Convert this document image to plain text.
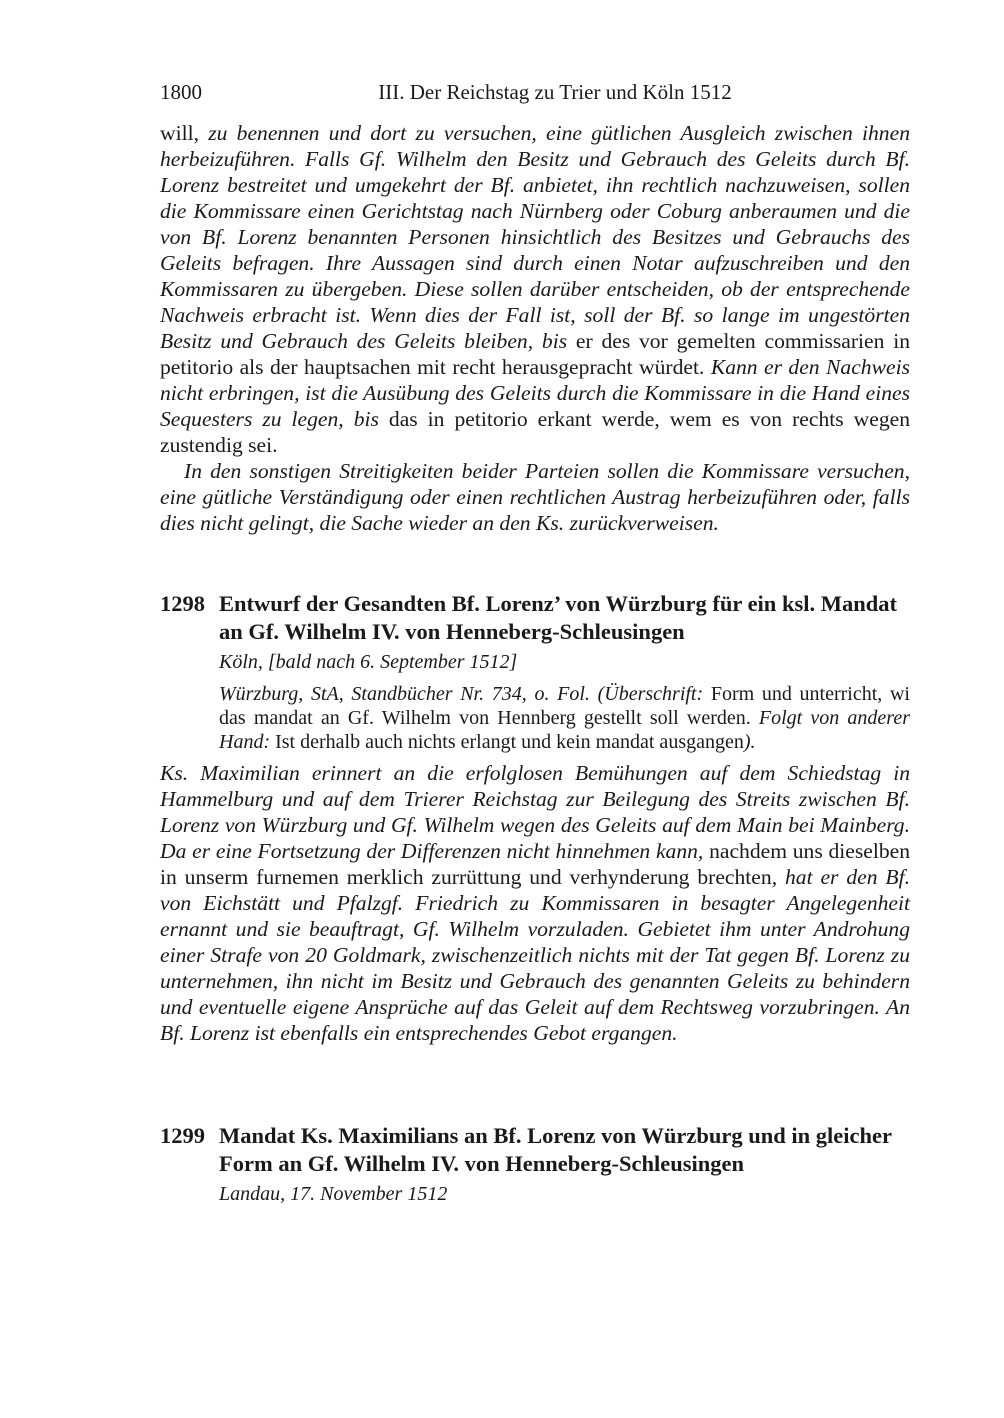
1800	III. Der Reichstag zu Trier und Köln 1512

will, zu benennen und dort zu versuchen, eine gütlichen Ausgleich zwischen ihnen herbeizuführen. Falls Gf. Wilhelm den Besitz und Gebrauch des Geleits durch Bf. Lorenz bestreitet und umgekehrt der Bf. anbietet, ihn rechtlich nachzuweisen, sollen die Kommissare einen Gerichtstag nach Nürnberg oder Coburg anberaumen und die von Bf. Lorenz benannten Personen hinsichtlich des Besitzes und Gebrauchs des Geleits befragen. Ihre Aussagen sind durch einen Notar aufzuschreiben und den Kommissaren zu übergeben. Diese sollen darüber entscheiden, ob der entsprechende Nachweis erbracht ist. Wenn dies der Fall ist, soll der Bf. so lange im ungestörten Besitz und Gebrauch des Geleits bleiben, bis er des vor gemelten commissarien in petitorio als der hauptsachen mit recht herausgepracht würdet. Kann er den Nachweis nicht erbringen, ist die Ausübung des Geleits durch die Kommissare in die Hand eines Sequesters zu legen, bis das in petitorio erkant werde, wem es von rechts wegen zustendig sei.

In den sonstigen Streitigkeiten beider Parteien sollen die Kommissare versuchen, eine gütliche Verständigung oder einen rechtlichen Austrag herbeizuführen oder, falls dies nicht gelingt, die Sache wieder an den Ks. zurückverweisen.

1298 Entwurf der Gesandten Bf. Lorenz’ von Würzburg für ein ksl. Mandat an Gf. Wilhelm IV. von Henneberg-Schleusingen
Köln, [bald nach 6. September 1512]
Würzburg, StA, Standbücher Nr. 734, o. Fol. (Überschrift: Form und unterricht, wi das mandat an Gf. Wilhelm von Hennberg gestellt soll werden. Folgt von anderer Hand: Ist derhalb auch nichts erlangt und kein mandat ausgangen).

Ks. Maximilian erinnert an die erfolglosen Bemühungen auf dem Schiedstag in Hammelburg und auf dem Trierer Reichstag zur Beilegung des Streits zwischen Bf. Lorenz von Würzburg und Gf. Wilhelm wegen des Geleits auf dem Main bei Mainberg. Da er eine Fortsetzung der Differenzen nicht hinnehmen kann, nachdem uns dieselben in unserm furnemen merklich zurrüttung und verhynderung brechten, hat er den Bf. von Eichstätt und Pfalzgf. Friedrich zu Kommissaren in besagter Angelegenheit ernannt und sie beauftragt, Gf. Wilhelm vorzuladen. Gebietet ihm unter Androhung einer Strafe von 20 Goldmark, zwischenzeitlich nichts mit der Tat gegen Bf. Lorenz zu unternehmen, ihn nicht im Besitz und Gebrauch des genannten Geleits zu behindern und eventuelle eigene Ansprüche auf das Geleit auf dem Rechtsweg vorzubringen. An Bf. Lorenz ist ebenfalls ein entsprechendes Gebot ergangen.

1299 Mandat Ks. Maximilians an Bf. Lorenz von Würzburg und in gleicher Form an Gf. Wilhelm IV. von Henneberg-Schleusingen
Landau, 17. November 1512
